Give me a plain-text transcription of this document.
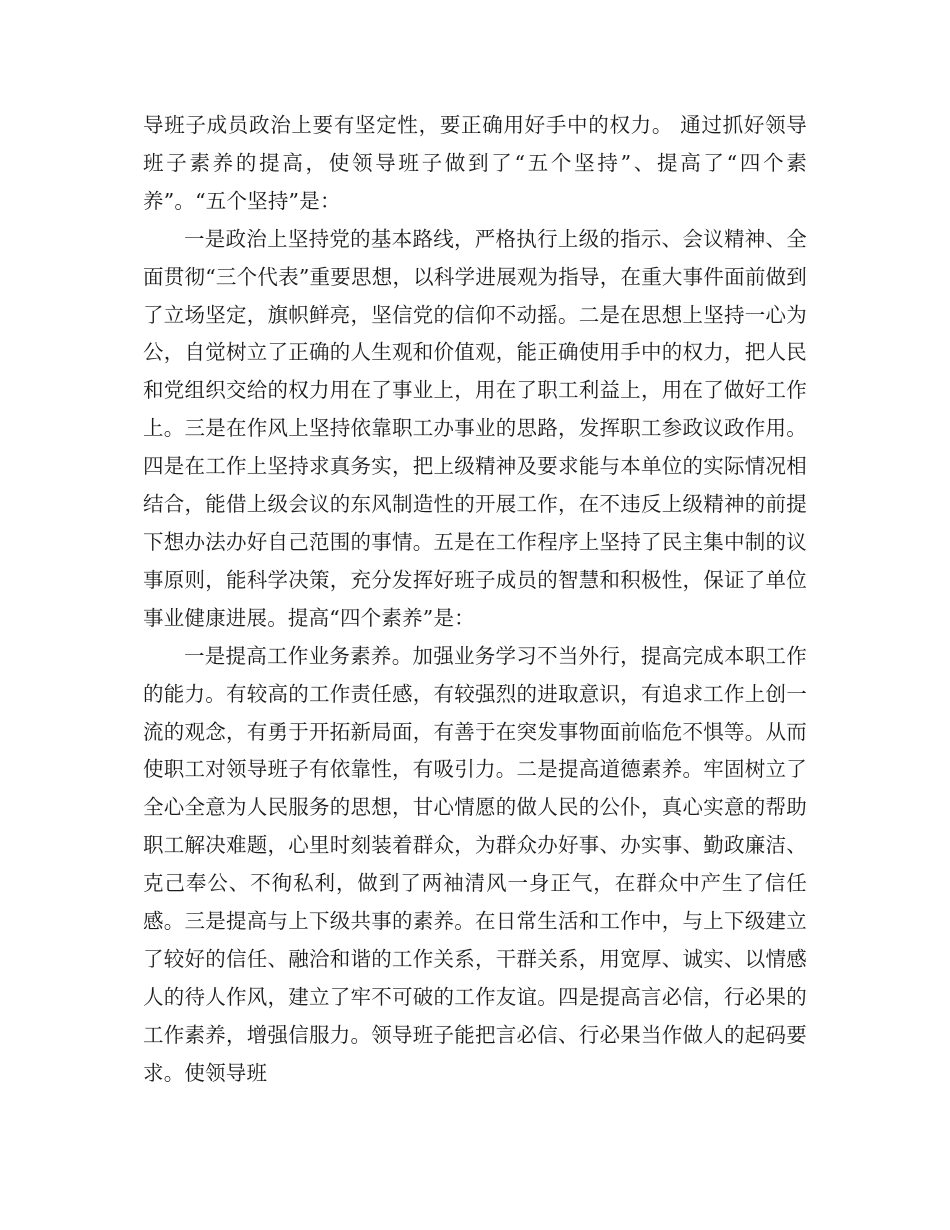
导班子成员政治上要有坚定性，要正确用好手中的权力。 通过抓好领导班子素养的提高，使领导班子做到了“五个坚持”、提高了“四个素养”。“五个坚持”是：

一是政治上坚持党的基本路线，严格执行上级的指示、会议精神、全面贯彻“三个代表”重要思想，以科学进展观为指导，在重大事件面前做到了立场坚定，旗帜鲜亮，坚信党的信仰不动摇。二是在思想上坚持一心为公，自觉树立了正确的人生观和价值观，能正确使用手中的权力，把人民和党组织交给的权力用在了事业上，用在了职工利益上，用在了做好工作上。三是在作风上坚持依靠职工办事业的思路，发挥职工参政议政作用。四是在工作上坚持求真务实，把上级精神及要求能与本单位的实际情况相结合，能借上级会议的东风制造性的开展工作，在不违反上级精神的前提下想办法办好自己范围的事情。五是在工作程序上坚持了民主集中制的议事原则，能科学决策，充分发挥好班子成员的智慧和积极性，保证了单位事业健康进展。提高“四个素养”是：

一是提高工作业务素养。加强业务学习不当外行，提高完成本职工作的能力。有较高的工作责任感，有较强烈的进取意识，有追求工作上创一流的观念，有勇于开拓新局面，有善于在突发事物面前临危不惧等。从而使职工对领导班子有依靠性，有吸引力。二是提高道德素养。牢固树立了全心全意为人民服务的思想，甘心情愿的做人民的公仆，真心实意的帮助职工解决难题，心里时刻装着群众，为群众办好事、办实事、勤政廉洁、克己奉公、不徇私利，做到了两袖清风一身正气，在群众中产生了信任感。三是提高与上下级共事的素养。在日常生活和工作中，与上下级建立了较好的信任、融洽和谐的工作关系，干群关系，用宽厚、诚实、以情感人的待人作风，建立了牢不可破的工作友谊。四是提高言必信，行必果的工作素养，增强信服力。领导班子能把言必信、行必果当作做人的起码要求。使领导班
